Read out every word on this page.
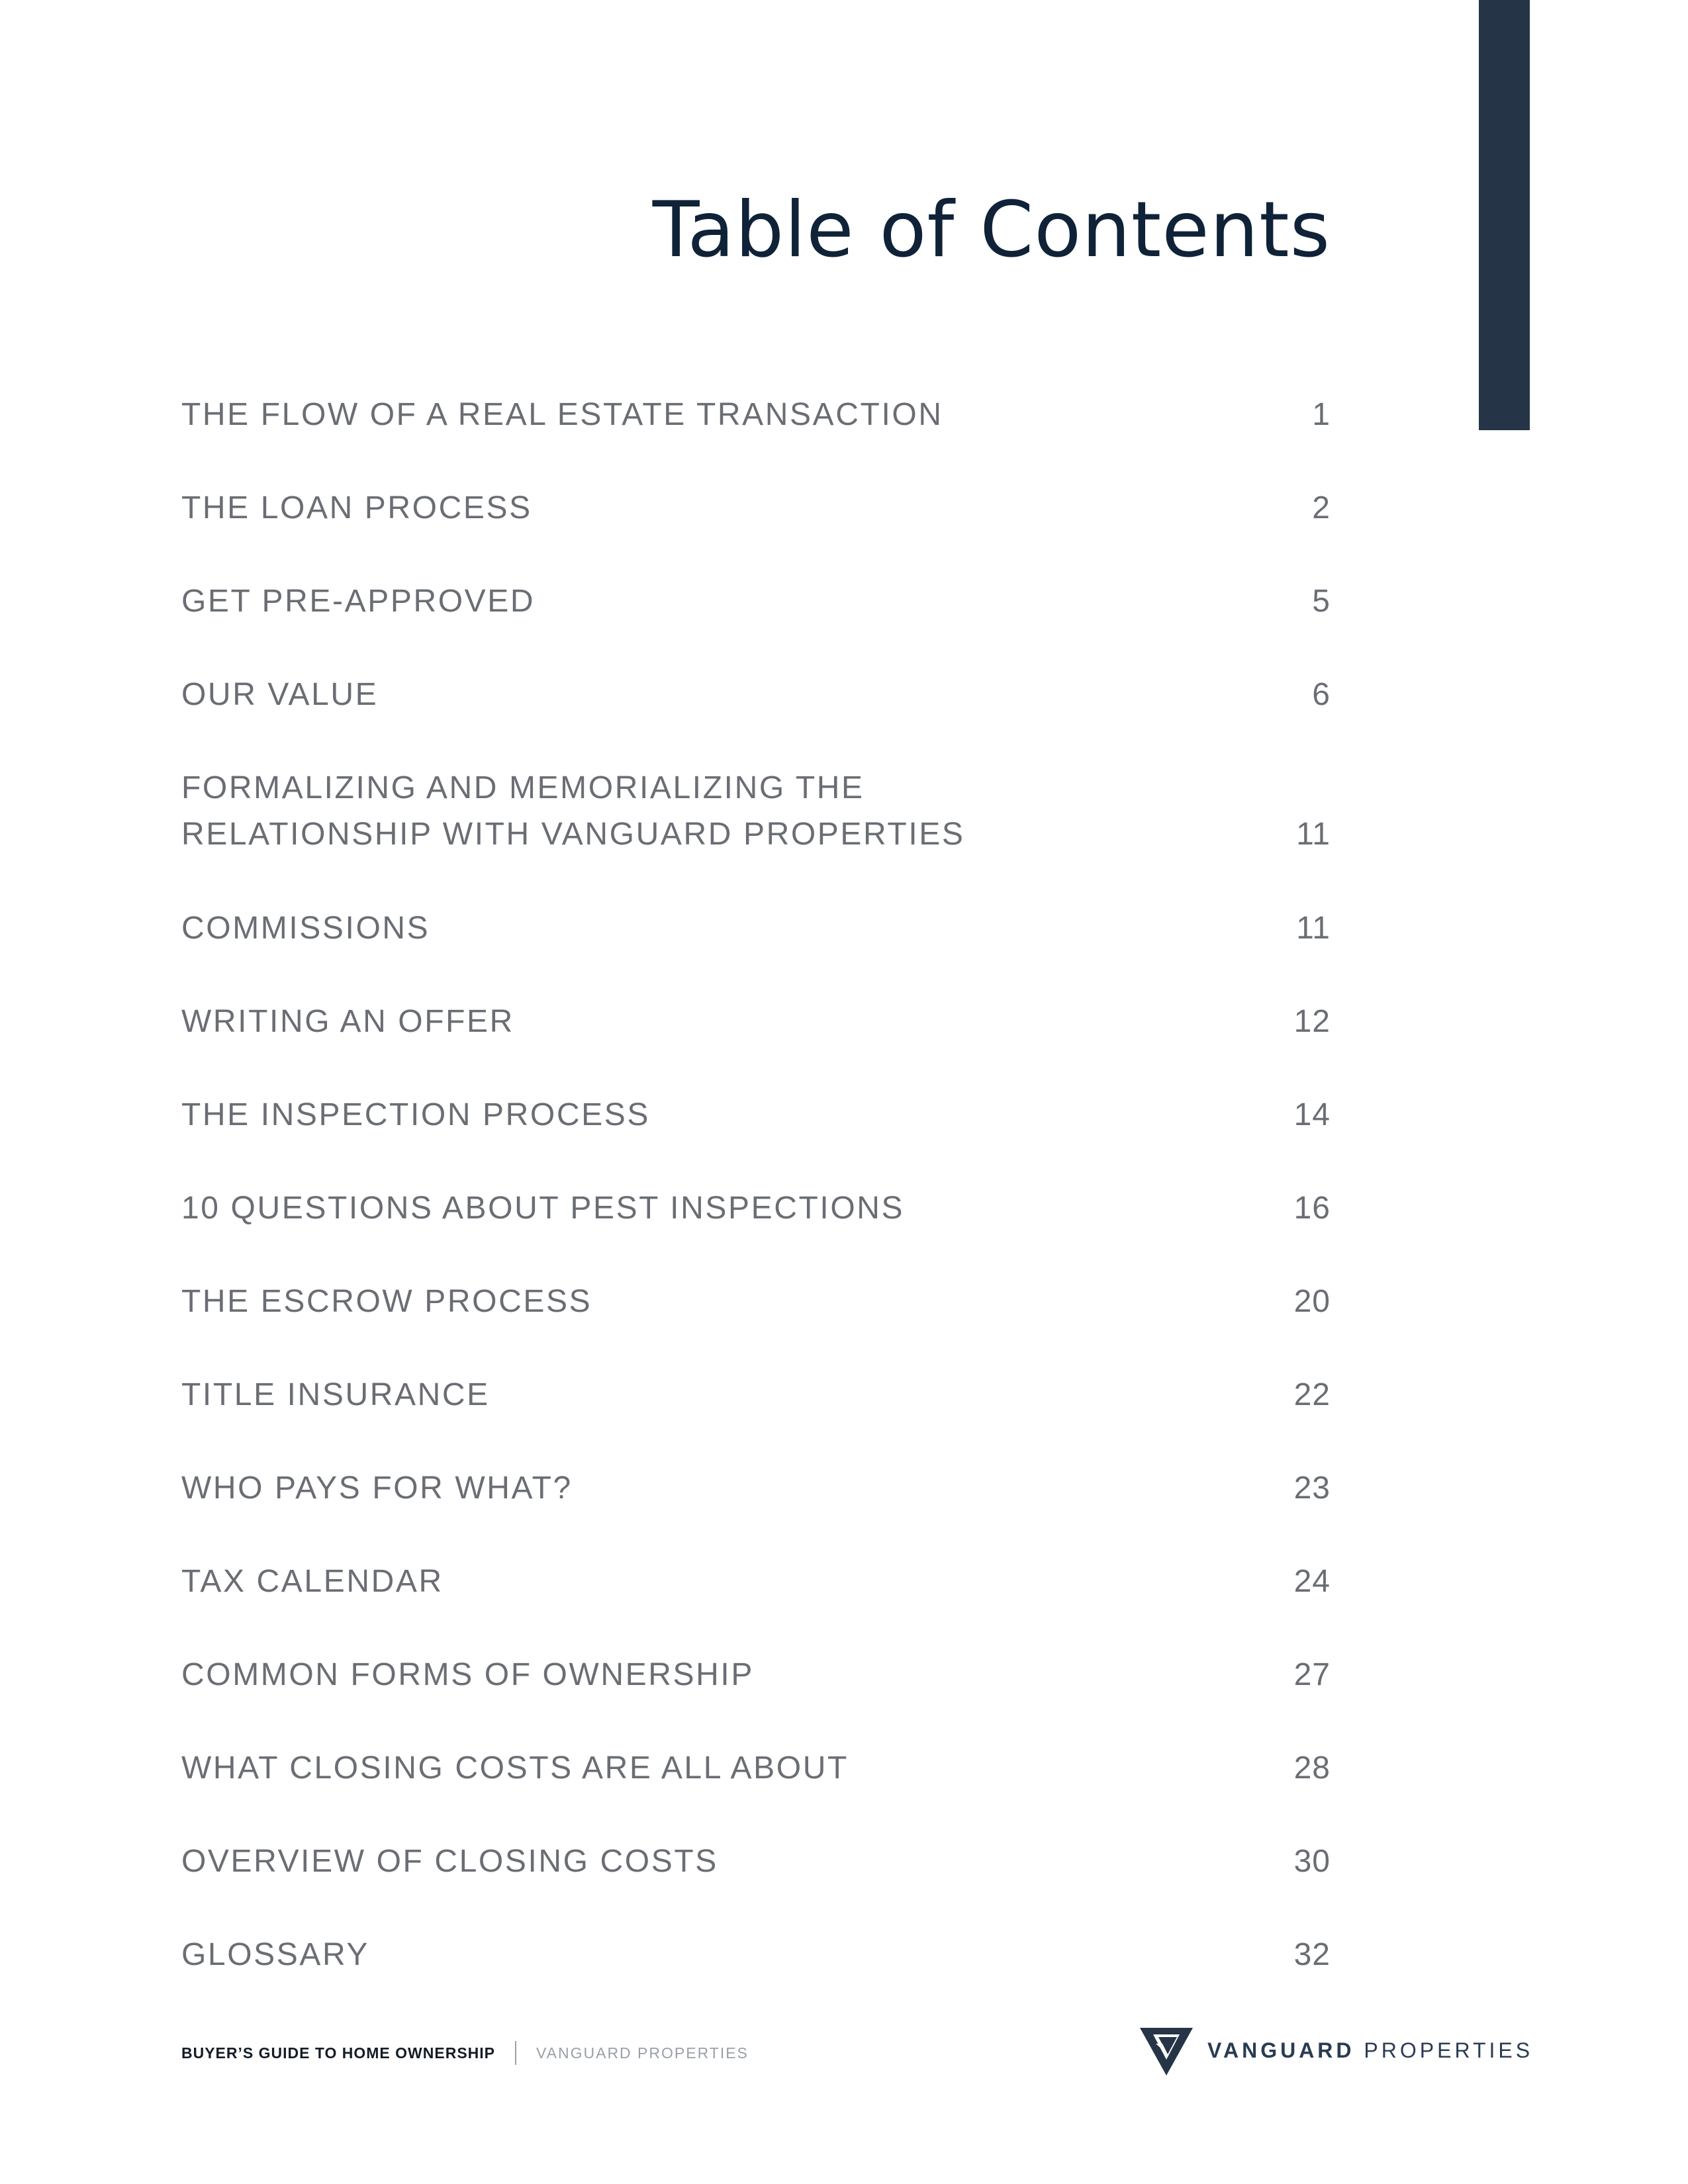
Table of Contents
THE FLOW OF A REAL ESTATE TRANSACTION	1
THE LOAN PROCESS	2
GET PRE-APPROVED	5
OUR VALUE	6
FORMALIZING AND MEMORIALIZING THE
RELATIONSHIP WITH VANGUARD PROPERTIES	11
COMMISSIONS	11
WRITING AN OFFER	12
THE INSPECTION PROCESS	14
10 QUESTIONS ABOUT PEST INSPECTIONS	16
THE ESCROW PROCESS	20
TITLE INSURANCE	22
WHO PAYS FOR WHAT?	23
TAX CALENDAR	24
COMMON FORMS OF OWNERSHIP	27
WHAT CLOSING COSTS ARE ALL ABOUT	28
OVERVIEW OF CLOSING COSTS	30
GLOSSARY	32
BUYER’S GUIDE TO HOME OWNERSHIP	VANGUARD PROPERTIES	VANGUARD PROPERTIES
